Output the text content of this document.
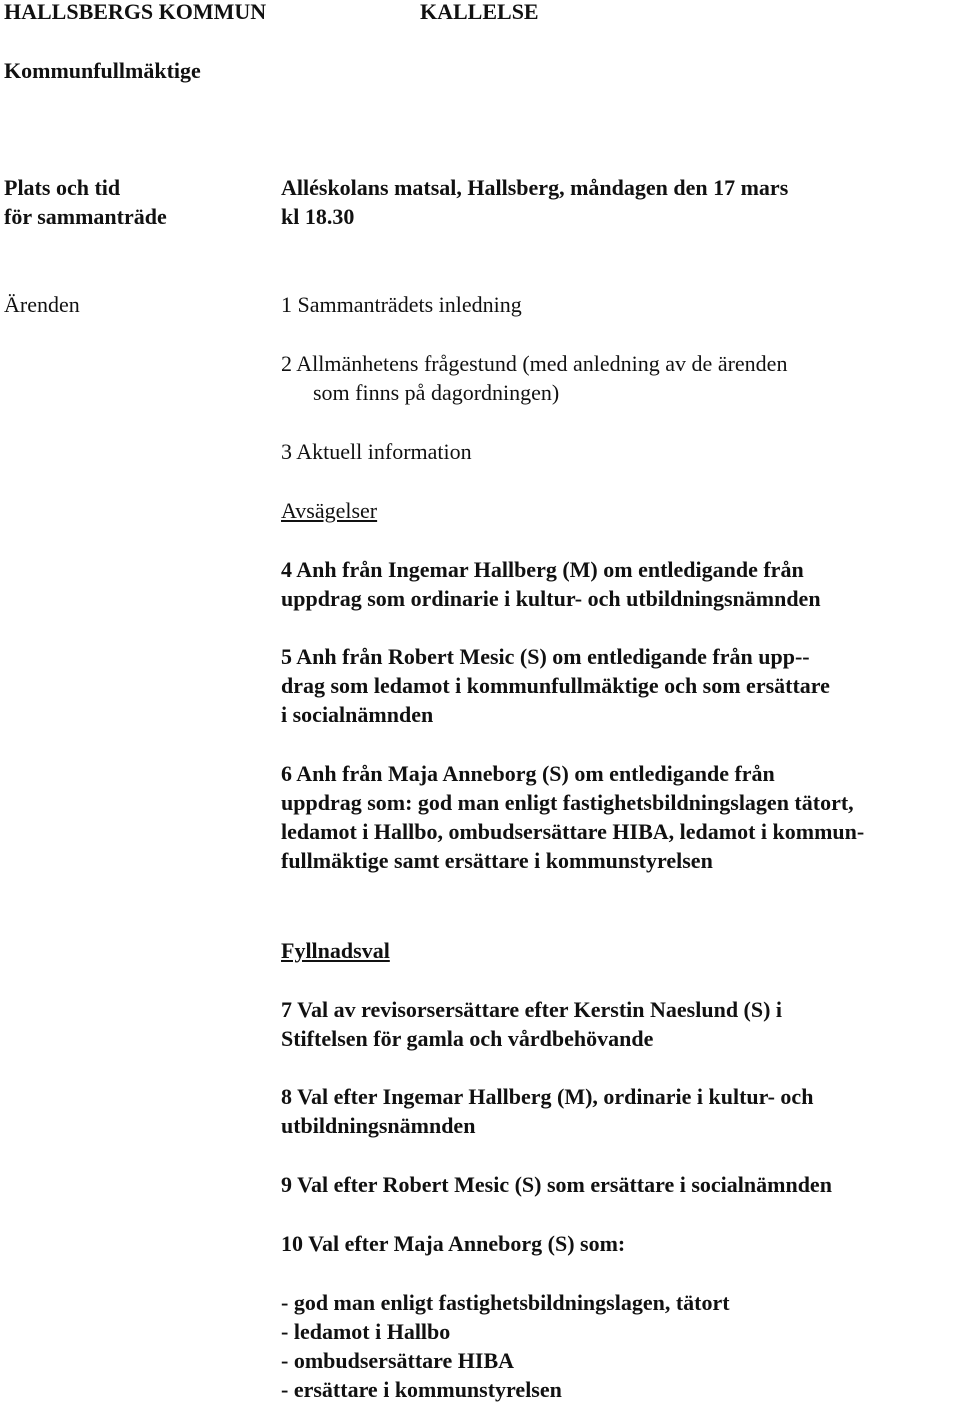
HALLSBERGS KOMMUN	KALLELSE
Kommunfullmäktige
Plats och tid
för sammanträde
Alléskolans matsal, Hallsberg, måndagen den 17 mars
kl 18.30
Ärenden	1 Sammanträdets inledning
2 Allmänhetens frågestund (med anledning av de ärenden
som finns på dagordningen)
3 Aktuell information
Avsägelser
4 Anh från Ingemar Hallberg (M) om entledigande från
uppdrag som ordinarie i kultur- och utbildningsnämnden
5 Anh från Robert Mesic (S) om entledigande från upp--
drag som ledamot i kommunfullmäktige och som ersättare
i socialnämnden
6 Anh från Maja Anneborg (S) om entledigande från
uppdrag som: god man enligt fastighetsbildningslagen tätort,
ledamot i Hallbo, ombudsersättare HIBA, ledamot i kommun-
fullmäktige samt ersättare i kommunstyrelsen
Fyllnadsval
7 Val av revisorsersättare efter Kerstin Naeslund (S) i
Stiftelsen för gamla och vårdbehövande
8 Val efter Ingemar Hallberg (M), ordinarie i kultur- och
utbildningsnämnden
9 Val efter Robert Mesic (S) som ersättare i socialnämnden
10 Val efter Maja Anneborg (S) som:
- god man enligt fastighetsbildningslagen, tätort
- ledamot i Hallbo
- ombudsersättare HIBA
- ersättare i kommunstyrelsen
